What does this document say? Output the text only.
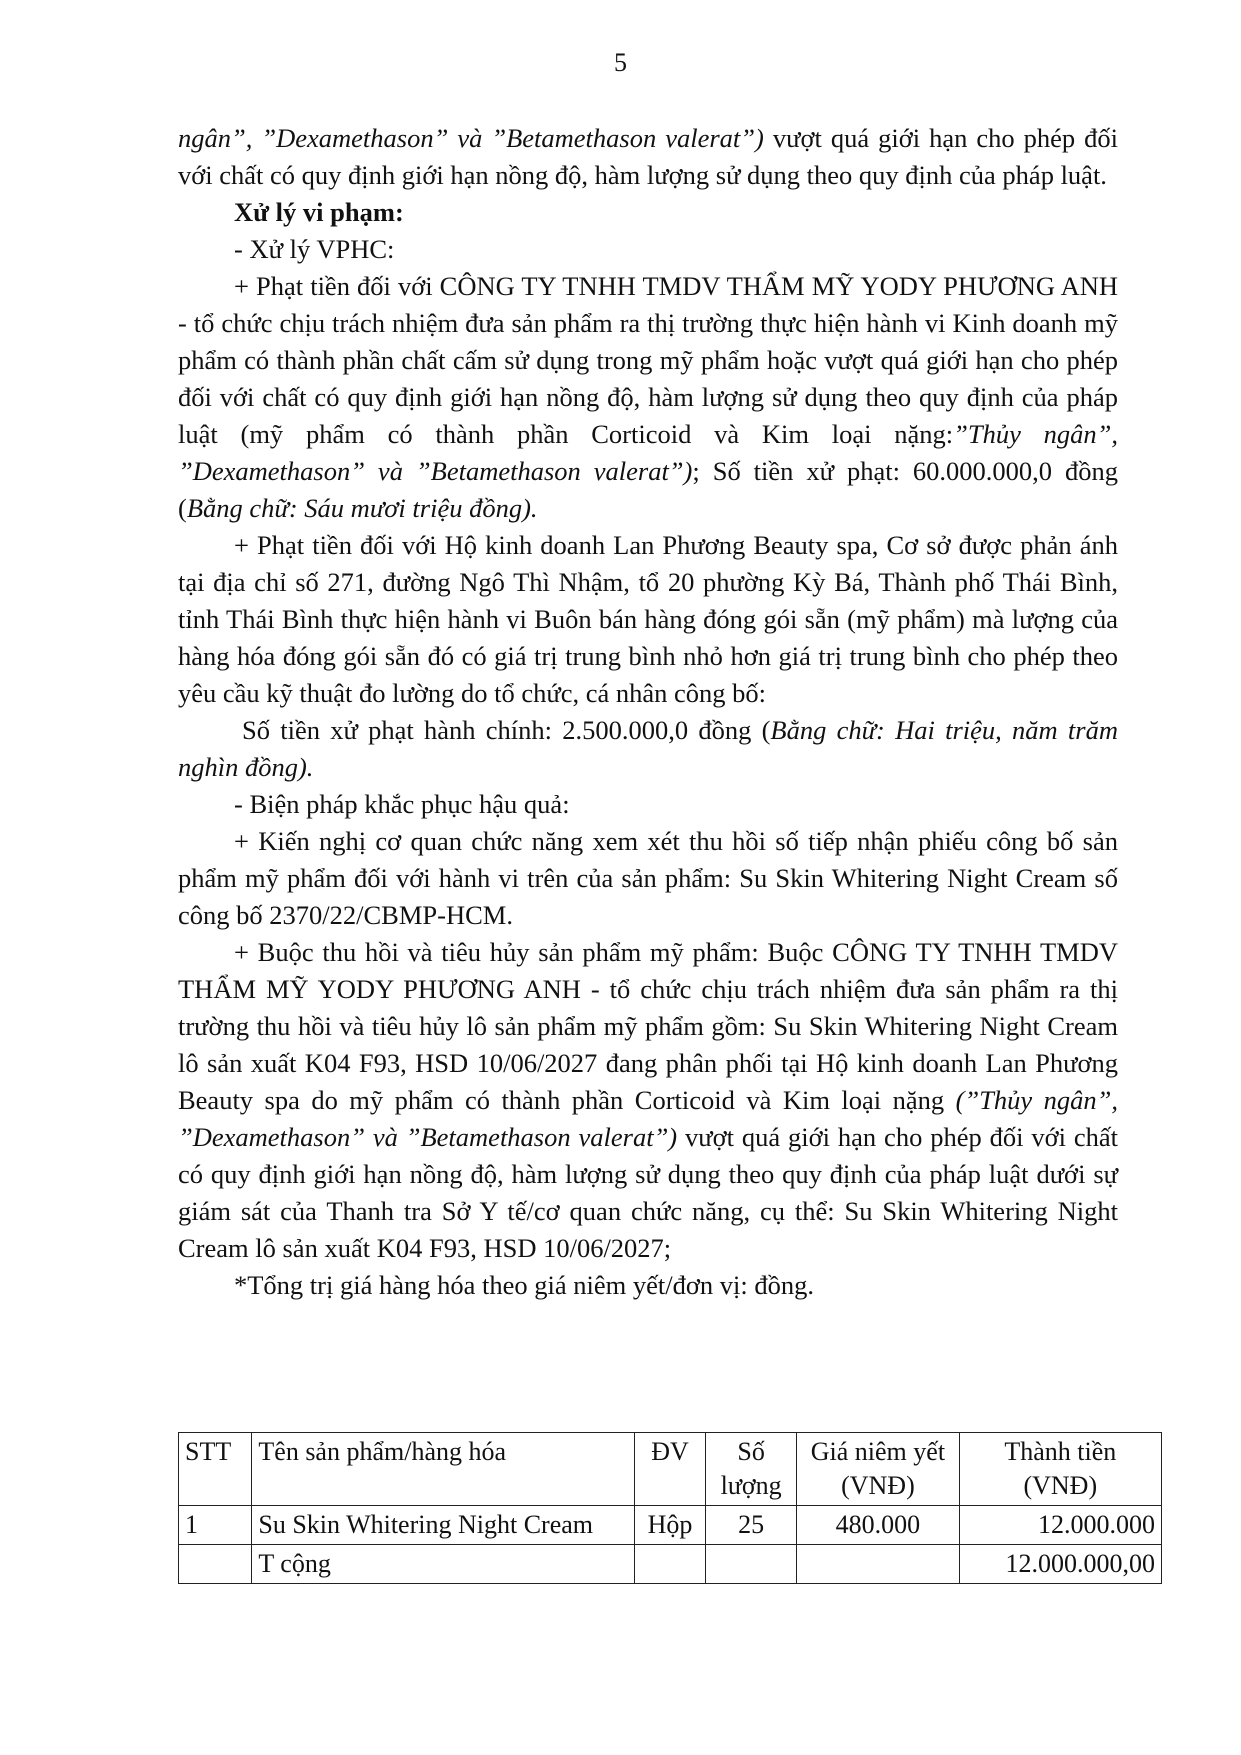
5

ngân”, ”Dexamethason” và ”Betamethason valerat”) vượt quá giới hạn cho phép đối với chất có quy định giới hạn nồng độ, hàm lượng sử dụng theo quy định của pháp luật.

Xử lý vi phạm:

- Xử lý VPHC:

+ Phạt tiền đối với CÔNG TY TNHH TMDV THẨM MỸ YODY PHƯƠNG ANH - tổ chức chịu trách nhiệm đưa sản phẩm ra thị trường thực hiện hành vi Kinh doanh mỹ phẩm có thành phần chất cấm sử dụng trong mỹ phẩm hoặc vượt quá giới hạn cho phép đối với chất có quy định giới hạn nồng độ, hàm lượng sử dụng theo quy định của pháp luật (mỹ phẩm có thành phần Corticoid và Kim loại nặng:”Thủy ngân”, ”Dexamethason” và ”Betamethason valerat”); Số tiền xử phạt: 60.000.000,0 đồng (Bằng chữ: Sáu mươi triệu đồng).

+ Phạt tiền đối với Hộ kinh doanh Lan Phương Beauty spa, Cơ sở được phản ánh tại địa chỉ số 271, đường Ngô Thì Nhậm, tổ 20 phường Kỳ Bá, Thành phố Thái Bình, tỉnh Thái Bình thực hiện hành vi Buôn bán hàng đóng gói sẵn (mỹ phẩm) mà lượng của hàng hóa đóng gói sẵn đó có giá trị trung bình nhỏ hơn giá trị trung bình cho phép theo yêu cầu kỹ thuật đo lường do tổ chức, cá nhân công bố:

Số tiền xử phạt hành chính: 2.500.000,0 đồng (Bằng chữ: Hai triệu, năm trăm nghìn đồng).

- Biện pháp khắc phục hậu quả:

+ Kiến nghị cơ quan chức năng xem xét thu hồi số tiếp nhận phiếu công bố sản phẩm mỹ phẩm đối với hành vi trên của sản phẩm: Su Skin Whitering Night Cream số công bố 2370/22/CBMP-HCM.

+ Buộc thu hồi và tiêu hủy sản phẩm mỹ phẩm: Buộc CÔNG TY TNHH TMDV THẨM MỸ YODY PHƯƠNG ANH - tổ chức chịu trách nhiệm đưa sản phẩm ra thị trường thu hồi và tiêu hủy lô sản phẩm mỹ phẩm gồm: Su Skin Whitering Night Cream lô sản xuất K04 F93, HSD 10/06/2027 đang phân phối tại Hộ kinh doanh Lan Phương Beauty spa do mỹ phẩm có thành phần Corticoid và Kim loại nặng (”Thủy ngân”, ”Dexamethason” và ”Betamethason valerat”) vượt quá giới hạn cho phép đối với chất có quy định giới hạn nồng độ, hàm lượng sử dụng theo quy định của pháp luật dưới sự giám sát của Thanh tra Sở Y tế/cơ quan chức năng, cụ thể: Su Skin Whitering Night Cream lô sản xuất K04 F93, HSD 10/06/2027;

*Tổng trị giá hàng hóa theo giá niêm yết/đơn vị: đồng.

STT	Tên sản phẩm/hàng hóa	ĐV	Số lượng	Giá niêm yết (VNĐ)	Thành tiền (VNĐ)
1	Su Skin Whitering Night Cream	Hộp	25	480.000	12.000.000
	T cộng				12.000.000,00
